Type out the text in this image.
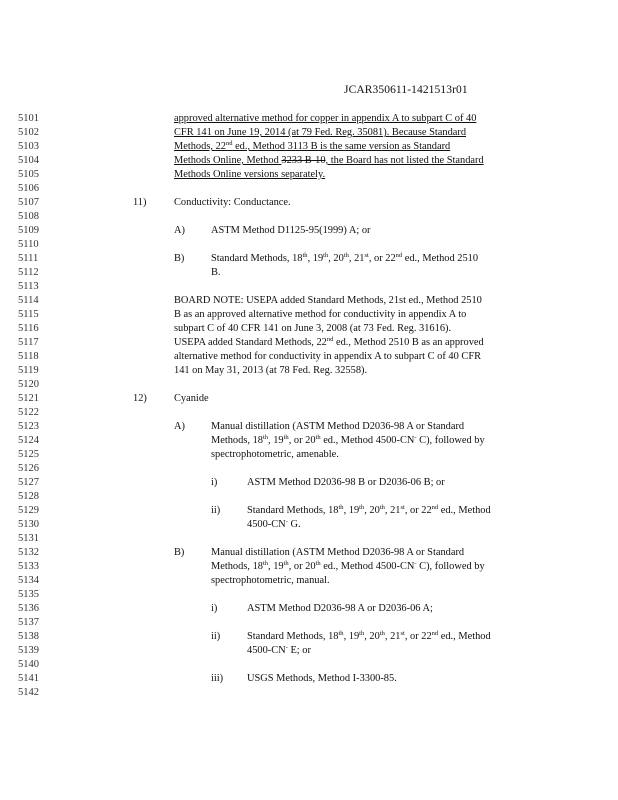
JCAR350611-1421513r01
5101
5102
5103
5104
5105
5106
5107
5108
5109
5110
5111
5112
5113
5114
5115
5116
5117
5118
5119
5120
5121
5122
5123
5124
5125
5126
5127
5128
5129
5130
5131
5132
5133
5134
5135
5136
5137
5138
5139
5140
5141
5142
approved alternative method for copper in appendix A to subpart C of 40
CFR 141 on June 19, 2014 (at 79 Fed. Reg. 35081). Because Standard
Methods, 22nd ed., Method 3113 B is the same version as Standard
Methods Online, Method 3233 B-10, the Board has not listed the Standard
Methods Online versions separately.
11)	Conductivity: Conductance.
A)	ASTM Method D1125-95(1999) A; or
B)	Standard Methods, 18th, 19th, 20th, 21st, or 22nd ed., Method 2510
B.
BOARD NOTE: USEPA added Standard Methods, 21st ed., Method 2510
B as an approved alternative method for conductivity in appendix A to
subpart C of 40 CFR 141 on June 3, 2008 (at 73 Fed. Reg. 31616).
USEPA added Standard Methods, 22nd ed., Method 2510 B as an approved
alternative method for conductivity in appendix A to subpart C of 40 CFR
141 on May 31, 2013 (at 78 Fed. Reg. 32558).
12)	Cyanide
A)	Manual distillation (ASTM Method D2036-98 A or Standard
Methods, 18th, 19th, or 20th ed., Method 4500-CN- C), followed by
spectrophotometric, amenable.
i)	ASTM Method D2036-98 B or D2036-06 B; or
ii)	Standard Methods, 18th, 19th, 20th, 21st, or 22nd ed., Method
4500-CN- G.
B)	Manual distillation (ASTM Method D2036-98 A or Standard
Methods, 18th, 19th, or 20th ed., Method 4500-CN- C), followed by
spectrophotometric, manual.
i)	ASTM Method D2036-98 A or D2036-06 A;
ii)	Standard Methods, 18th, 19th, 20th, 21st, or 22nd ed., Method
4500-CN- E; or
iii) USGS Methods, Method I-3300-85.
